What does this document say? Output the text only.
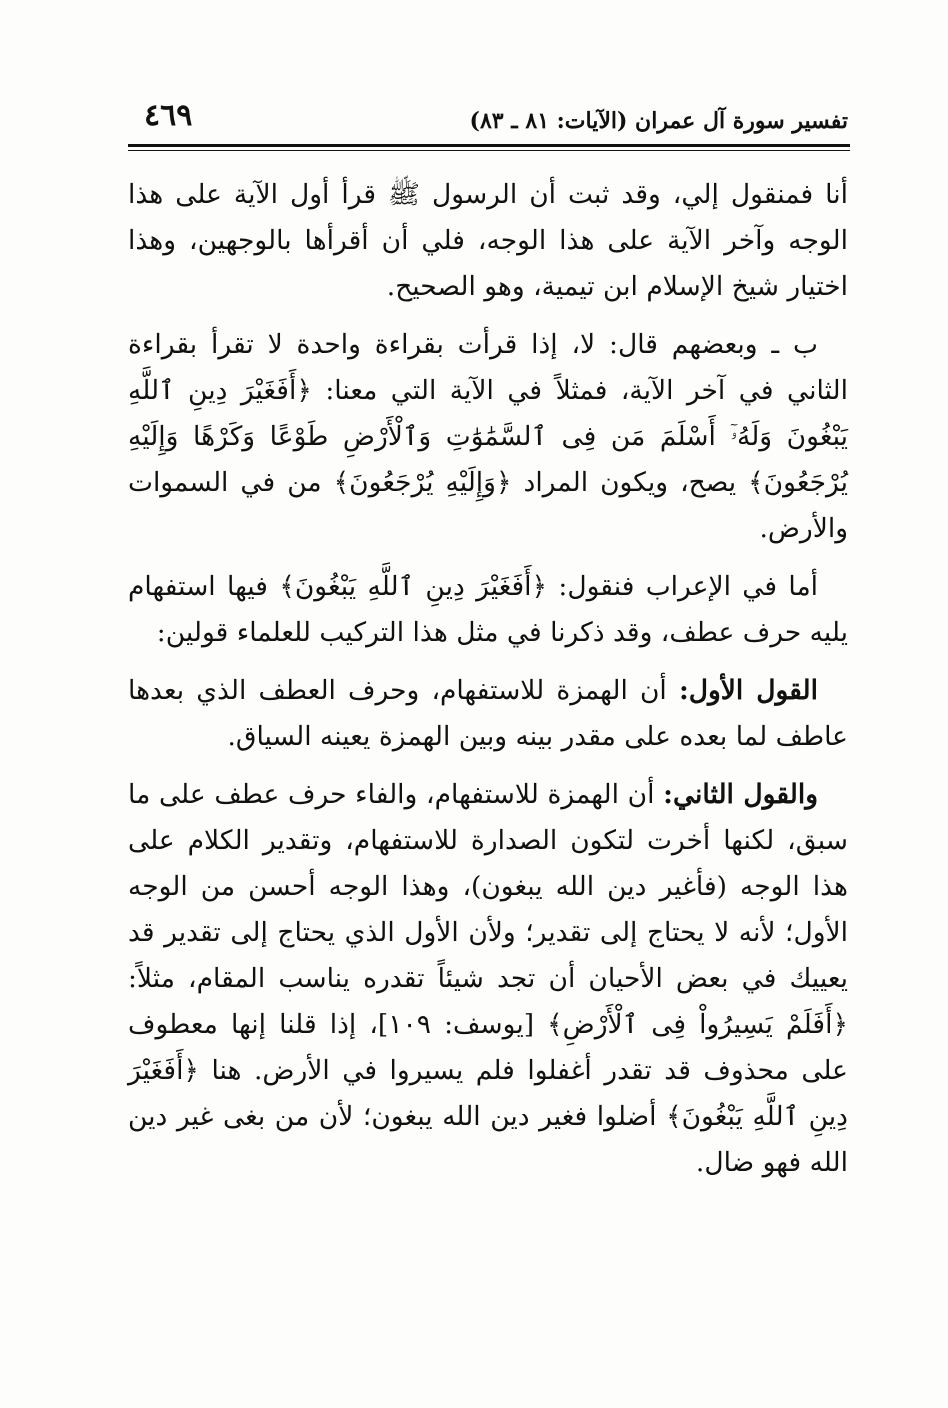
تفسير سورة آل عمران (الآيات: ٨١ ـ ٨٣)
٤٦٩

أنا فمنقول إلي، وقد ثبت أن الرسول ﷺ قرأ أول الآية على هذا الوجه وآخر الآية على هذا الوجه، فلي أن أقرأها بالوجهين، وهذا اختيار شيخ الإسلام ابن تيمية، وهو الصحيح.

ب ـ وبعضهم قال: لا، إذا قرأت بقراءة واحدة لا تقرأ بقراءة الثاني في آخر الآية، فمثلاً في الآية التي معنا: ﴿أَفَغَيْرَ دِينِ ٱللَّهِ يَبْغُونَ وَلَهُۥٓ أَسْلَمَ مَن فِى ٱلسَّمَٰوَٰتِ وَٱلْأَرْضِ طَوْعًا وَكَرْهًا وَإِلَيْهِ يُرْجَعُونَ﴾ يصح، ويكون المراد ﴿وَإِلَيْهِ يُرْجَعُونَ﴾ من في السموات والأرض.

أما في الإعراب فنقول: ﴿أَفَغَيْرَ دِينِ ٱللَّهِ يَبْغُونَ﴾ فيها استفهام يليه حرف عطف، وقد ذكرنا في مثل هذا التركيب للعلماء قولين:

القول الأول: أن الهمزة للاستفهام، وحرف العطف الذي بعدها عاطف لما بعده على مقدر بينه وبين الهمزة يعينه السياق.

والقول الثاني: أن الهمزة للاستفهام، والفاء حرف عطف على ما سبق، لكنها أخرت لتكون الصدارة للاستفهام، وتقدير الكلام على هذا الوجه (فأغير دين الله يبغون)، وهذا الوجه أحسن من الوجه الأول؛ لأنه لا يحتاج إلى تقدير؛ ولأن الأول الذي يحتاج إلى تقدير قد يعييك في بعض الأحيان أن تجد شيئاً تقدره يناسب المقام، مثلاً: ﴿أَفَلَمْ يَسِيرُواْ فِى ٱلْأَرْضِ﴾ [يوسف: ١٠٩]، إذا قلنا إنها معطوف على محذوف قد تقدر أغفلوا فلم يسيروا في الأرض. هنا ﴿أَفَغَيْرَ دِينِ ٱللَّهِ يَبْغُونَ﴾ أضلوا فغير دين الله يبغون؛ لأن من بغى غير دين الله فهو ضال.
